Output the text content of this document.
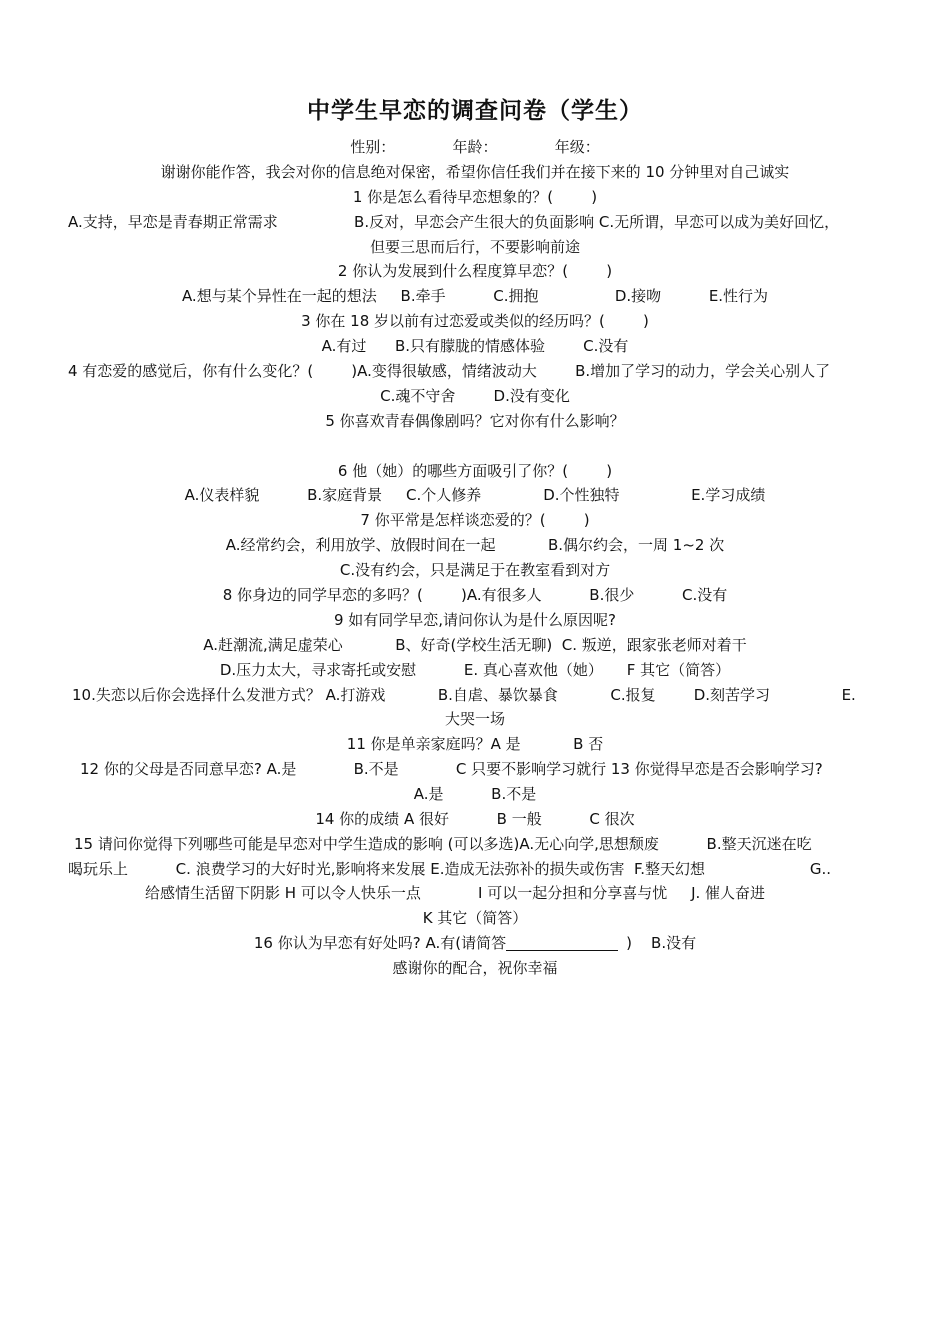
中学生早恋的调查问卷（学生）
性别：            年龄：            年级：
谢谢你能作答，我会对你的信息绝对保密，希望你信任我们并在接下来的 10 分钟里对自己诚实
1 你是怎么看待早恋想象的？(        )
A.支持，早恋是青春期正常需求                B.反对，早恋会产生很大的负面影响 C.无所谓，早恋可以成为美好回忆，
但要三思而后行，不要影响前途
2 你认为发展到什么程度算早恋？(        )
A.想与某个异性在一起的想法     B.牵手          C.拥抱                D.接吻          E.性行为
3 你在 18 岁以前有过恋爱或类似的经历吗？(        )
A.有过      B.只有朦胧的情感体验        C.没有
4 有恋爱的感觉后，你有什么变化？(        )A.变得很敏感，情绪波动大        B.增加了学习的动力，学会关心别人了
C.魂不守舍        D.没有变化
5 你喜欢青春偶像剧吗？它对你有什么影响？
6 他（她）的哪些方面吸引了你？(        )
A.仪表样貌          B.家庭背景     C.个人修养             D.个性独特               E.学习成绩
7 你平常是怎样谈恋爱的？(        )
A.经常约会，利用放学、放假时间在一起           B.偶尔约会，一周 1~2 次
C.没有约会，只是满足于在教室看到对方
8 你身边的同学早恋的多吗？(        )A.有很多人          B.很少          C.没有
9 如有同学早恋,请问你认为是什么原因呢?
A.赶潮流,满足虚荣心           B、好奇(学校生活无聊)  C. 叛逆，跟家张老师对着干
D.压力太大，寻求寄托或安慰          E. 真心喜欢他（她）     F 其它（简答）
10.失恋以后你会选择什么发泄方式？ A.打游戏           B.自虐、暴饮暴食           C.报复        D.刻苦学习               E.
大哭一场
11 你是单亲家庭吗？A 是           B 否
12 你的父母是否同意早恋? A.是            B.不是            C 只要不影响学习就行 13 你觉得早恋是否会影响学习?
A.是          B.不是
14 你的成绩 A 很好          B 一般          C 很次
15 请问你觉得下列哪些可能是早恋对中学生造成的影响 (可以多选)A.无心向学,思想颓废          B.整天沉迷在吃
喝玩乐上          C. 浪费学习的大好时光,影响将来发展 E.造成无法弥补的损失或伤害  F.整天幻想                      G..
给感情生活留下阴影 H 可以令人快乐一点            I 可以一起分担和分享喜与忧     J. 催人奋进
K 其它（简答）
16 你认为早恋有好处吗? A.有(请简答	)    B.没有
感谢你的配合，祝你幸福
